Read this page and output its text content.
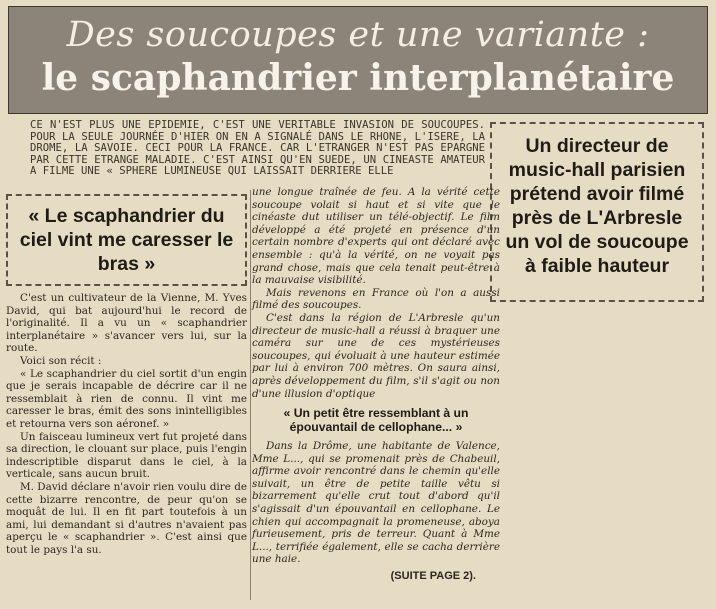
Des soucoupes et une variante :
le scaphandrier interplanétaire
CE N'EST PLUS UNE EPIDEMIE, C'EST UNE VERITABLE INVASION DE SOUCOUPES. POUR LA SEULE JOURNÉE D'HIER ON EN A SIGNALÉ DANS LE RHONE, L'ISERE, LA DROME, LA SAVOIE. CECI POUR LA FRANCE. CAR L'ETRANGER N'EST PAS EPARGNE PAR CETTE ETRANGE MALADIE. C'EST AINSI QU'EN SUEDE, UN CINEASTE AMATEUR A FILME UNE « SPHERE LUMINEUSE QUI LAISSAIT DERRIERE ELLE
Un directeur de music-hall parisien prétend avoir filmé près de L'Arbresle un vol de soucoupe à faible hauteur
« Le scaphandrier du ciel vint me caresser le bras »

C'est un cultivateur de la Vienne, M. Yves David, qui bat aujourd'hui le record de l'originalité. Il a vu un « scaphandrier interplanétaire » s'avancer vers lui, sur la route.

Voici son récit :

« Le scaphandrier du ciel sortit d'un engin que je serais incapable de décrire car il ne ressemblait à rien de connu. Il vint me caresser le bras, émit des sons inintelligibles et retourna vers son aéronef. »

Un faisceau lumineux vert fut projeté dans sa direction, le clouant sur place, puis l'engin indescriptible disparut dans le ciel, à la verticale, sans aucun bruit.

M. David déclare n'avoir rien voulu dire de cette bizarre rencontre, de peur qu'on se moquât de lui. Il en fit part toutefois à un ami, lui demandant si d'autres n'avaient pas aperçu le « scaphandrier ». C'est ainsi que tout le pays l'a su.

une longue traînée de feu. A la vérité cette soucoupe volait si haut et si vite que le cinéaste dut utiliser un télé-objectif. Le film développé a été projeté en présence d'un certain nombre d'experts qui ont déclaré avec ensemble : qu'à la vérité, on ne voyait pas grand chose, mais que cela tenait peut-être à la mauvaise visibilité.

Mais revenons en France où l'on a aussi filmé des soucoupes.

C'est dans la région de L'Arbresle qu'un directeur de music-hall a réussi à braquer une caméra sur une de ces mystérieuses soucoupes, qui évoluait à une hauteur estimée par lui à environ 700 mètres. On saura ainsi, après développement du film, s'il s'agit ou non d'une illusion d'optique

« Un petit être ressemblant à un épouvantail de cellophane... »

Dans la Drôme, une habitante de Valence, Mme L..., qui se promenait près de Chabeuil, affirme avoir rencontré dans le chemin qu'elle suivait, un être de petite taille vêtu si bizarrement qu'elle crut tout d'abord qu'il s'agissait d'un épouvantail en cellophane. Le chien qui accompagnait la promeneuse, aboya furieusement, pris de terreur. Quant à Mme L..., terrifiée également, elle se cacha derrière une haie.

(SUITE PAGE 2).
